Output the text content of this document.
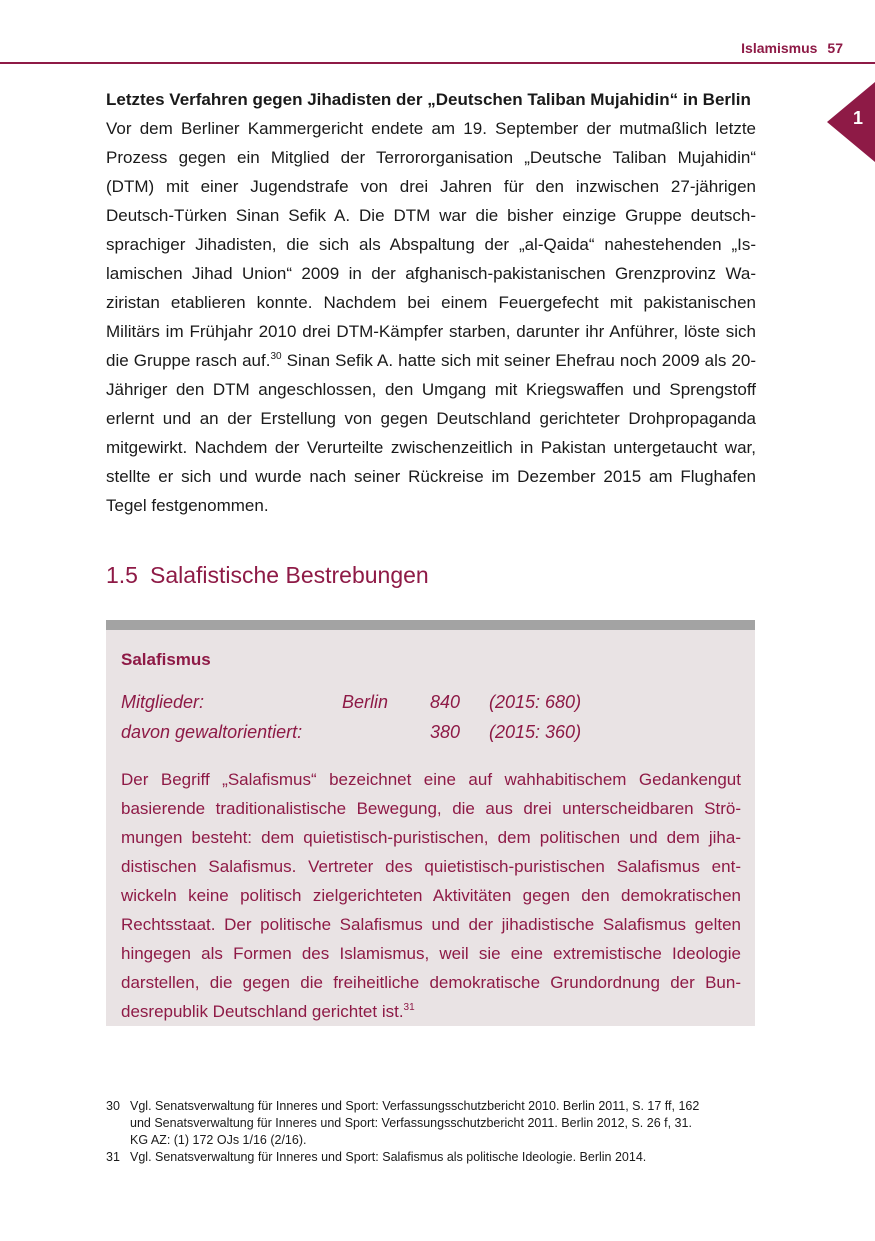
Islamismus 57
1

Letztes Verfahren gegen Jihadisten der „Deutschen Taliban Mujahidin“ in Berlin

Vor dem Berliner Kammergericht endete am 19. September der mutmaßlich letzte Prozess gegen ein Mitglied der Terrororganisation „Deutsche Taliban Mujahidin“ (DTM) mit einer Jugendstrafe von drei Jahren für den inzwischen 27-jährigen Deutsch-Türken Sinan Sefik A. Die DTM war die bisher einzige Gruppe deutschsprachiger Jihadisten, die sich als Abspaltung der „al-Qaida“ nahestehenden „Islamischen Jihad Union“ 2009 in der afghanisch-pakistanischen Grenzprovinz Waziristan etablieren konnte. Nachdem bei einem Feuergefecht mit pakistanischen Militärs im Frühjahr 2010 drei DTM-Kämpfer starben, darunter ihr Anführer, löste sich die Gruppe rasch auf.$^{30}$ Sinan Sefik A. hatte sich mit seiner Ehefrau noch 2009 als 20-Jähriger den DTM angeschlossen, den Umgang mit Kriegswaffen und Sprengstoff erlernt und an der Erstellung von gegen Deutschland gerichteter Drohpropaganda mitgewirkt. Nachdem der Verurteilte zwischenzeitlich in Pakistan untergetaucht war, stellte er sich und wurde nach seiner Rückreise im Dezember 2015 am Flughafen Tegel festgenommen.

1.5 Salafistische Bestrebungen
Salafismus
Mitglieder:	Berlin 840 (2015: 680)
davon gewaltorientiert:	380 (2015: 360)

Der Begriff „Salafismus“ bezeichnet eine auf wahhabitischem Gedankengut basierende traditionalistische Bewegung, die aus drei unterscheidbaren Strömungen besteht: dem quietistisch-puristischen, dem politischen und dem jihadistischen Salafismus. Vertreter des quietistisch-puristischen Salafismus entwickeln keine politisch zielgerichteten Aktivitäten gegen den demokratischen Rechtsstaat. Der politische Salafismus und der jihadistische Salafismus gelten hingegen als Formen des Islamismus, weil sie eine extremistische Ideologie darstellen, die gegen die freiheitliche demokratische Grundordnung der Bundesrepublik Deutschland gerichtet ist.$^{31}$

30 Vgl. Senatsverwaltung für Inneres und Sport: Verfassungsschutzbericht 2010. Berlin 2011, S. 17 ff, 162
und Senatsverwaltung für Inneres und Sport: Verfassungsschutzbericht 2011. Berlin 2012, S. 26 f, 31.
KG AZ: (1) 172 OJs 1/16 (2/16).
31 Vgl. Senatsverwaltung für Inneres und Sport: Salafismus als politische Ideologie. Berlin 2014.
